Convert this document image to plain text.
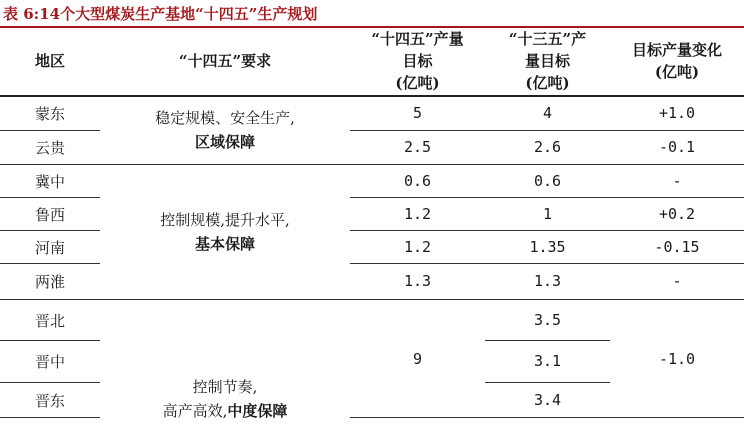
表 6:14个大型煤炭生产基地“十四五”生产规划
地区	“十四五”要求
“十四五”产量
目标
(亿吨)
“十三五”产
量目标
(亿吨)
目标产量变化
(亿吨)
蒙东
云贵
冀中
鲁西
河南
两淮
晋北
晋中
晋东
稳定规模、安全生产,
区域保障
控制规模,提升水平,
基本保障
控制节奏,
高产高效,中度保障
5
2.5
0.6
1.2
1.2
1.3
9
4
2.6
0.6
1
1.35
1.3
3.5
3.1
3.4
+1.0
-0.1
-
+0.2
-0.15
-
-1.0
